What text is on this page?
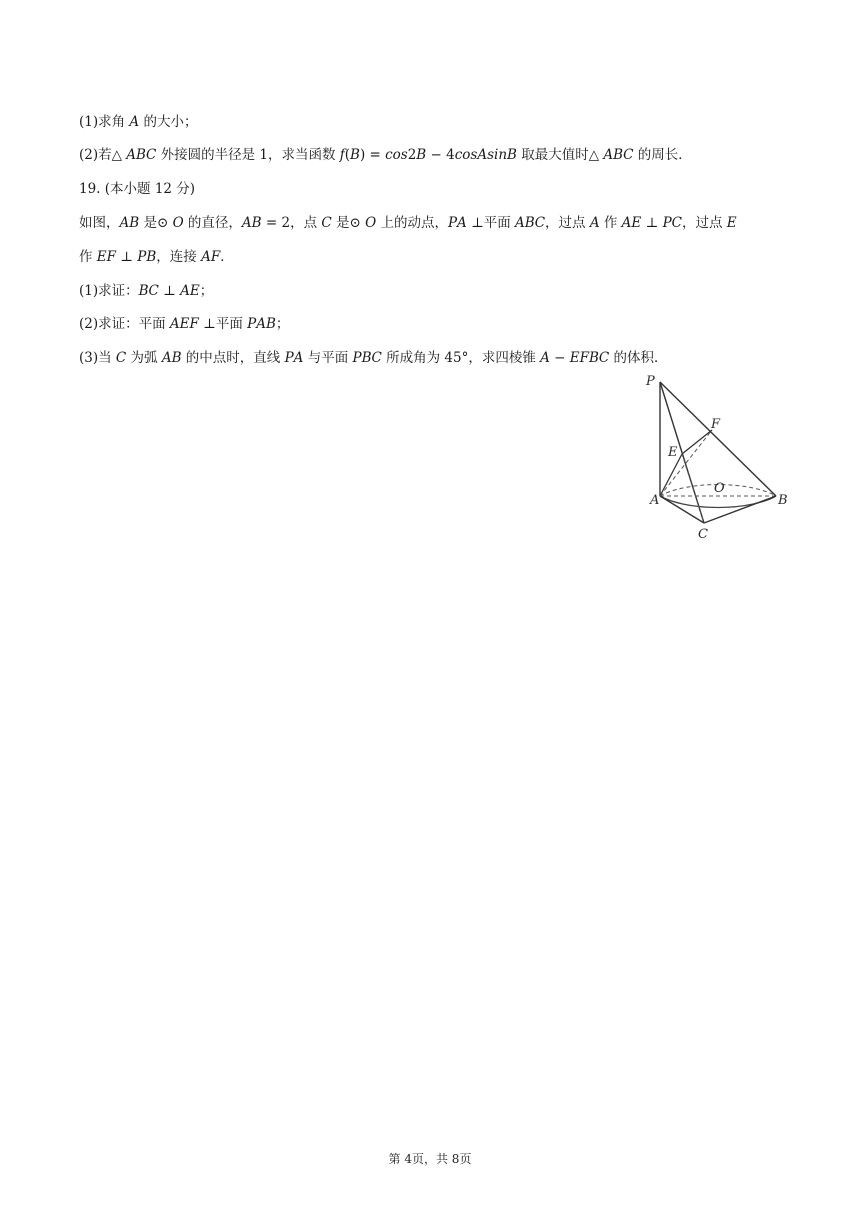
(1)求角 𝐴 的大小；
(2)若△ 𝐴𝐵𝐶 外接圆的半径是 1，求当函数 𝑓(𝐵) = 𝑐𝑜𝑠2𝐵 − 4𝑐𝑜𝑠𝐴𝑠𝑖𝑛𝐵 取最大值时△ 𝐴𝐵𝐶 的周长．
19. (本小题 12 分)
如图，𝐴𝐵 是⊙ 𝑂 的直径，𝐴𝐵 = 2，点 𝐶 是⊙ 𝑂 上的动点，𝑃𝐴 ⊥平面 𝐴𝐵𝐶，过点 𝐴 作 𝐴𝐸 ⊥ 𝑃𝐶，过点 𝐸
作 𝐸𝐹 ⊥ 𝑃𝐵，连接 𝐴𝐹．
(1)求证：𝐵𝐶 ⊥ 𝐴𝐸；
(2)求证：平面 𝐴𝐸𝐹 ⊥平面 𝑃𝐴𝐵；
(3)当 𝐶 为弧 𝐴𝐵 的中点时，直线 𝑃𝐴 与平面 𝑃𝐵𝐶 所成角为 45°，求四棱锥 𝐴 − 𝐸𝐹𝐵𝐶 的体积．
P
F
E
O
A	B
C
第 4页，共 8页
